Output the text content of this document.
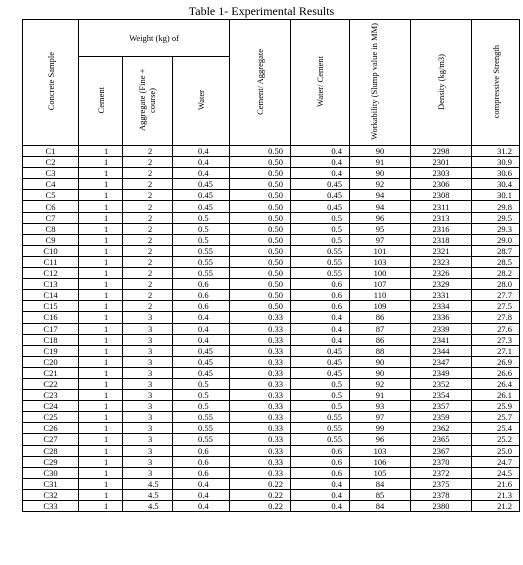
Table 1- Experimental Results
Concrete Sample	Weight (kg) of			Cement/ Aggregate	Water/ Cement	Workability (Slump value in MM)	Density (kg/m3)	compressive Strength
	Cement	Aggregate (Fine + course)	Water					
C1	1	2	0.4	0.50	0.4	90	2298	31.2
C2	1	2	0.4	0.50	0.4	91	2301	30.9
C3	1	2	0.4	0.50	0.4	90	2303	30.6
C4	1	2	0.45	0.50	0.45	92	2306	30.4
C5	1	2	0.45	0.50	0.45	94	2308	30.1
C6	1	2	0.45	0.50	0.45	94	2311	29.8
C7	1	2	0.5	0.50	0.5	96	2313	29.5
C8	1	2	0.5	0.50	0.5	95	2316	29.3
C9	1	2	0.5	0.50	0.5	97	2318	29.0
C10	1	2	0.55	0.50	0.55	101	2321	28.7
C11	1	2	0.55	0.50	0.55	103	2323	28.5
C12	1	2	0.55	0.50	0.55	100	2326	28.2
C13	1	2	0.6	0.50	0.6	107	2329	28.0
C14	1	2	0.6	0.50	0.6	110	2331	27.7
C15	1	2	0.6	0.50	0.6	109	2334	27.5
C16	1	3	0.4	0.33	0.4	86	2336	27.8
C17	1	3	0.4	0.33	0.4	87	2339	27.6
C18	1	3	0.4	0.33	0.4	86	2341	27.3
C19	1	3	0.45	0.33	0.45	88	2344	27.1
C20	1	3	0.45	0.33	0.45	90	2347	26.9
C21	1	3	0.45	0.33	0.45	90	2349	26.6
C22	1	3	0.5	0.33	0.5	92	2352	26.4
C23	1	3	0.5	0.33	0.5	91	2354	26.1
C24	1	3	0.5	0.33	0.5	93	2357	25.9
C25	1	3	0.55	0.33	0.55	97	2359	25.7
C26	1	3	0.55	0.33	0.55	99	2362	25.4
C27	1	3	0.55	0.33	0.55	96	2365	25.2
C28	1	3	0.6	0.33	0.6	103	2367	25.0
C29	1	3	0.6	0.33	0.6	106	2370	24.7
C30	1	3	0.6	0.33	0.6	105	2372	24.5
C31	1	4.5	0.4	0.22	0.4	84	2375	21.6
C32	1	4.5	0.4	0.22	0.4	85	2378	21.3
C33	1	4.5	0.4	0.22	0.4	84	2380	21.2
